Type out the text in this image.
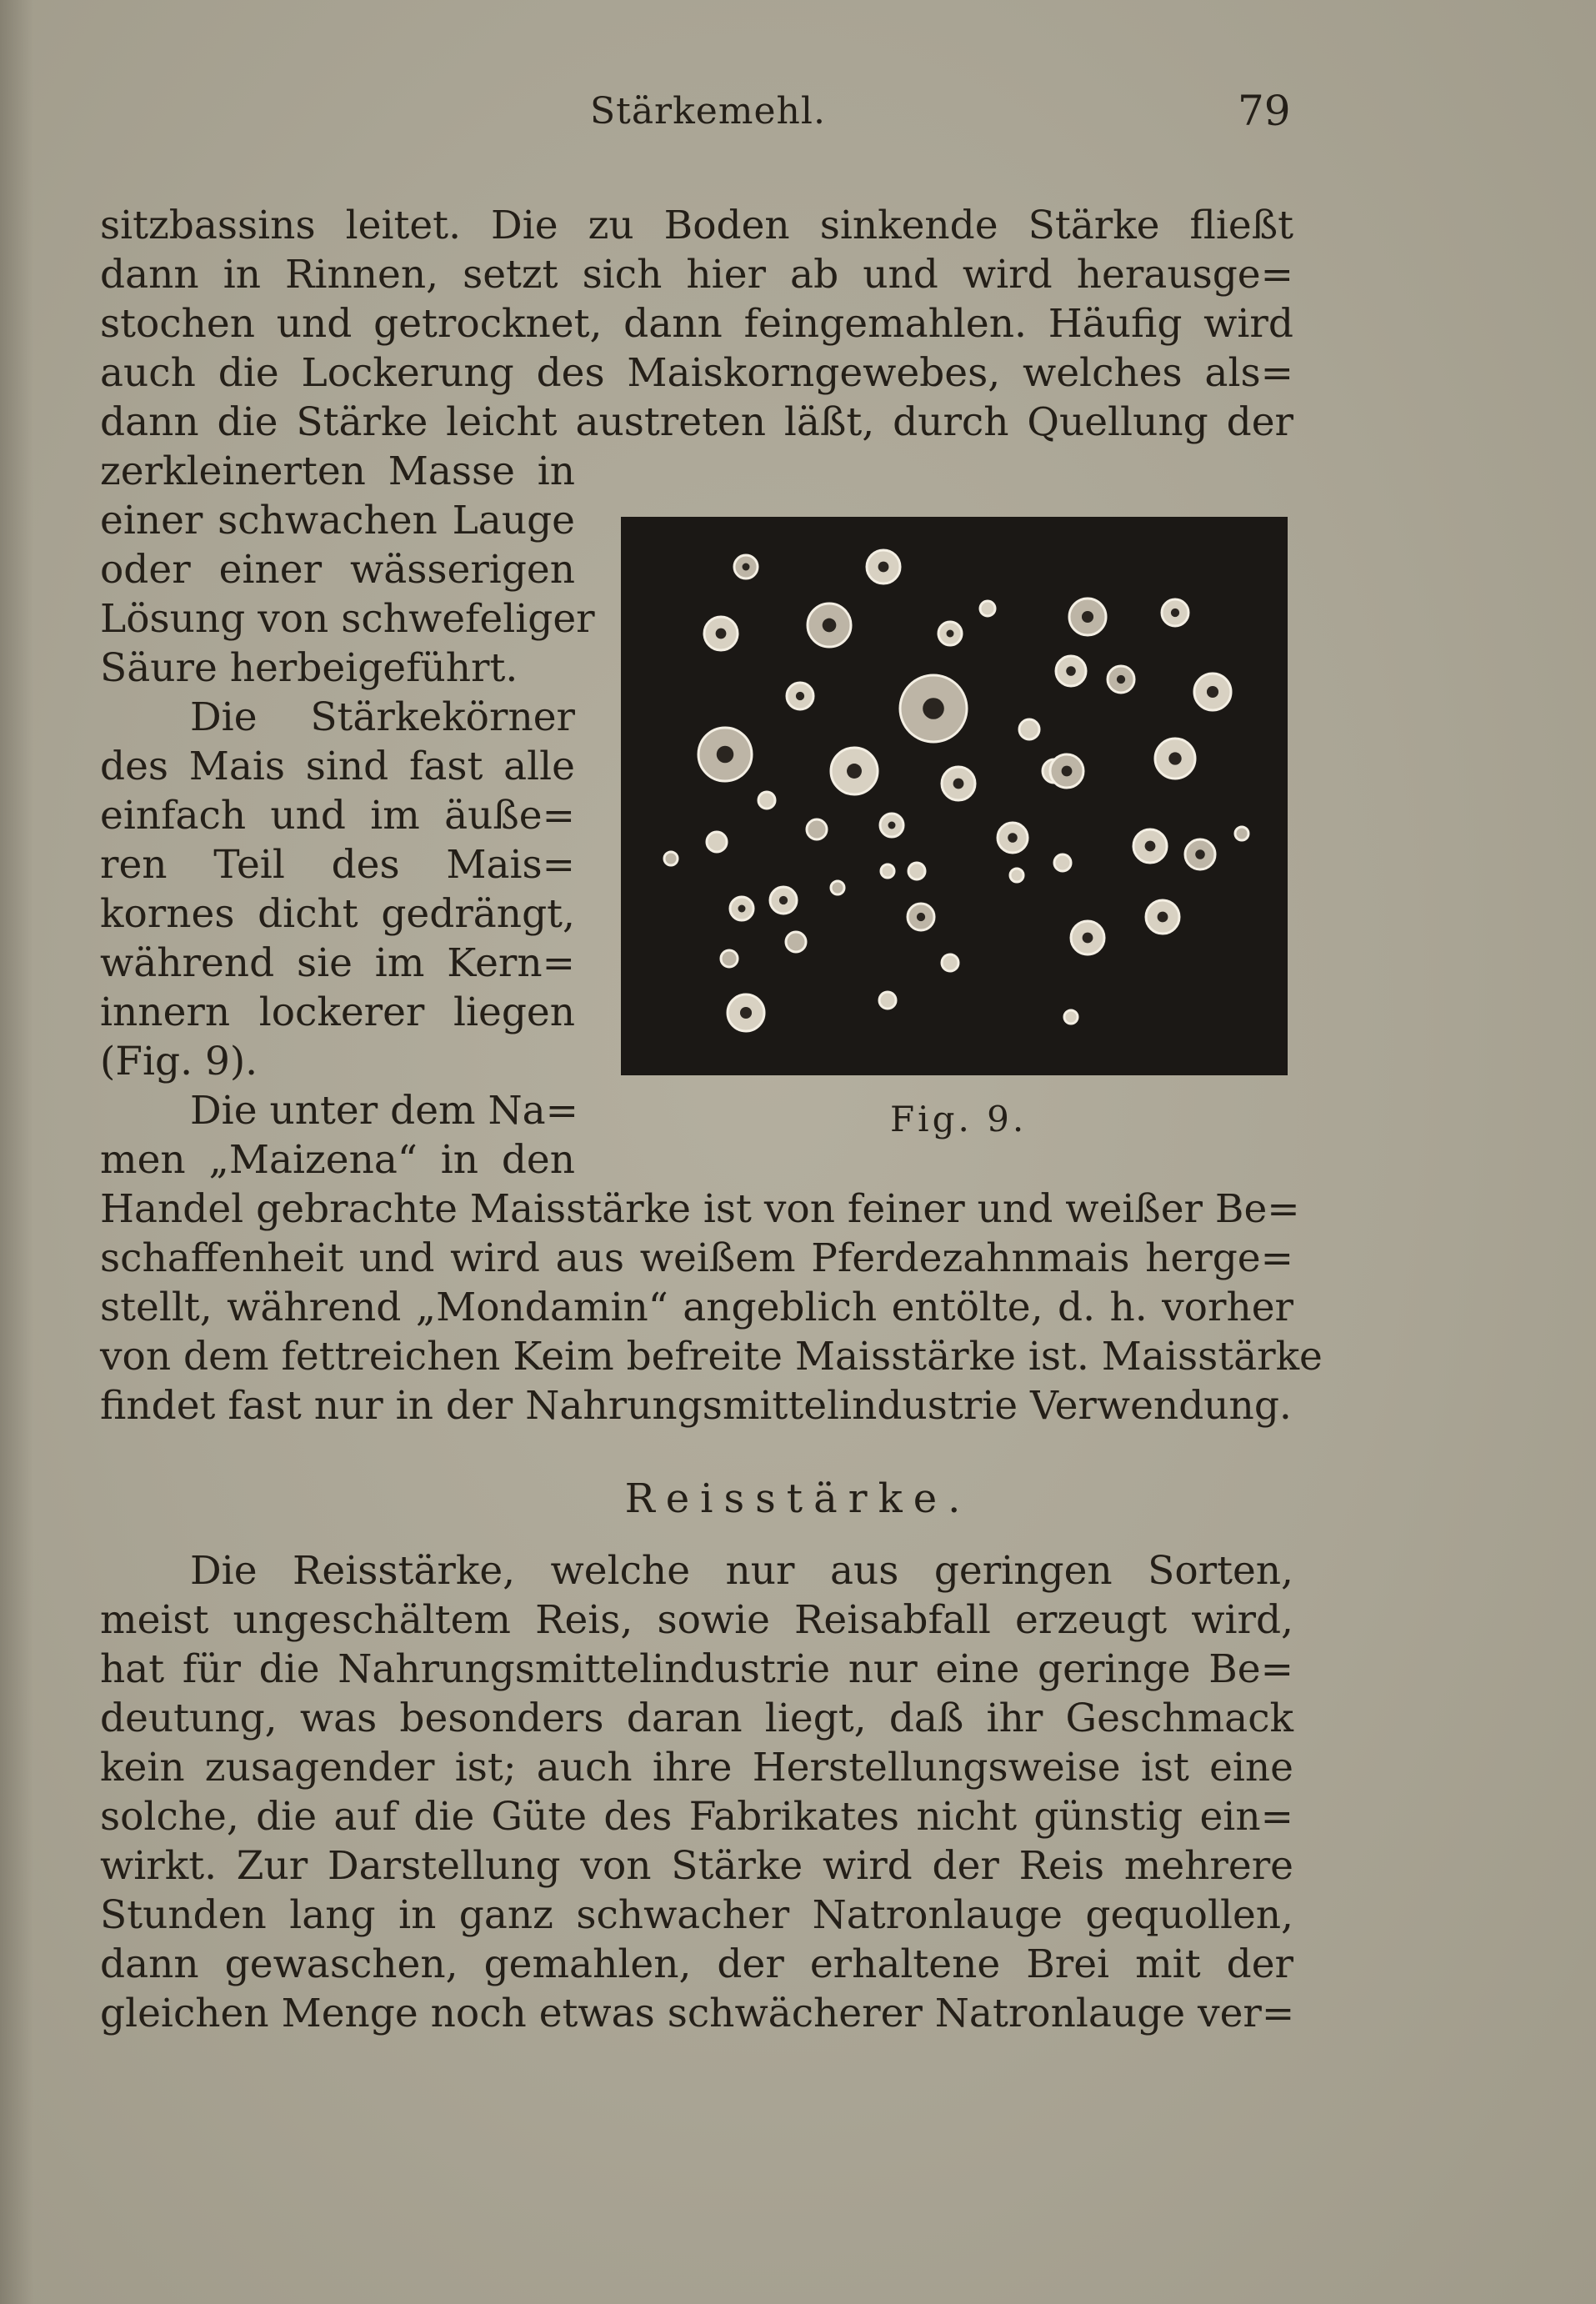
Stärkemehl.	79
sitzbassins leitet. Die zu Boden sinkende Stärke fließt
dann in Rinnen, setzt sich hier ab und wird herausge=
stochen und getrocknet, dann feingemahlen. Häufig wird
auch die Lockerung des Maiskorngewebes, welches als=
dann die Stärke leicht austreten läßt, durch Quellung der
zerkleinerten Masse in
einer schwachen Lauge
oder einer wässerigen
Lösung von schwefeliger
Säure herbeigeführt.
Die Stärkekörner
des Mais sind fast alle
einfach und im äuße=
ren Teil des Mais=
kornes dicht gedrängt,
während sie im Kern=
innern lockerer liegen
(Fig. 9).
Die unter dem Na=
men „Maizena“ in den
Handel gebrachte Maisstärke ist von feiner und weißer Be=
schaffenheit und wird aus weißem Pferdezahnmais herge=
stellt, während „Mondamin“ angeblich entölte, d. h. vorher
von dem fettreichen Keim befreite Maisstärke ist. Maisstärke
findet fast nur in der Nahrungsmittelindustrie Verwendung.
Fig. 9.
Reisstärke.
Die Reisstärke, welche nur aus geringen Sorten,
meist ungeschältem Reis, sowie Reisabfall erzeugt wird,
hat für die Nahrungsmittelindustrie nur eine geringe Be=
deutung, was besonders daran liegt, daß ihr Geschmack
kein zusagender ist; auch ihre Herstellungsweise ist eine
solche, die auf die Güte des Fabrikates nicht günstig ein=
wirkt. Zur Darstellung von Stärke wird der Reis mehrere
Stunden lang in ganz schwacher Natronlauge gequollen,
dann gewaschen, gemahlen, der erhaltene Brei mit der
gleichen Menge noch etwas schwächerer Natronlauge ver=
